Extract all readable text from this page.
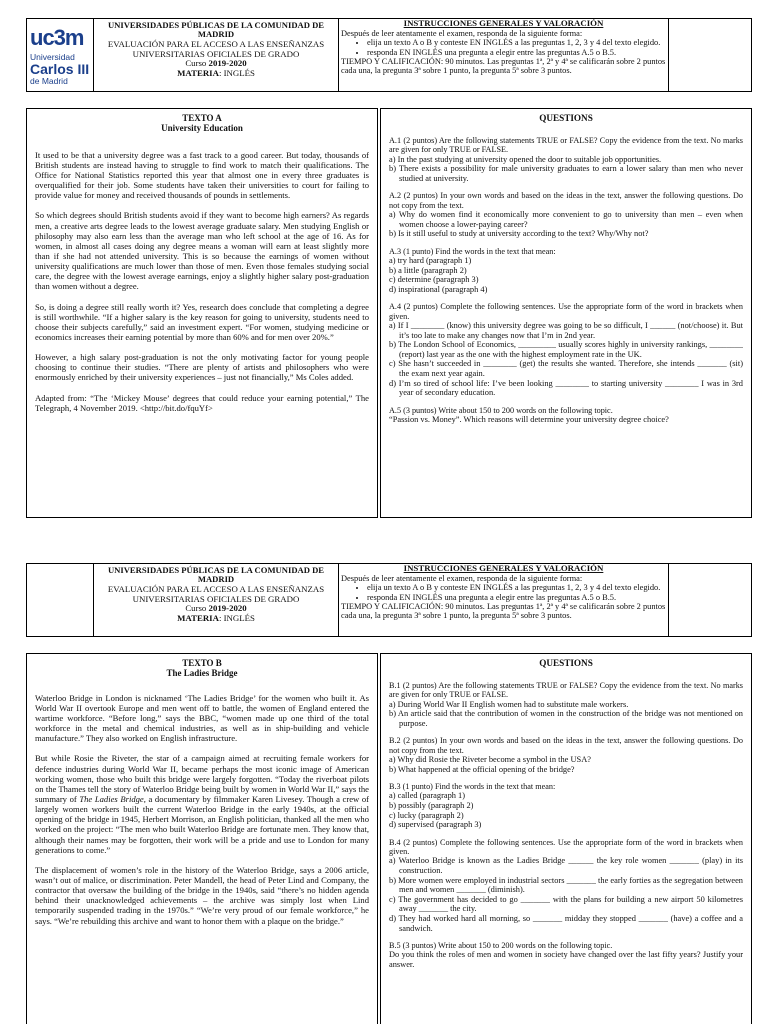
uc3m
Universidad
Carlos III
de Madrid
UNIVERSIDADES PÚBLICAS DE LA COMUNIDAD DE MADRID
EVALUACIÓN PARA EL ACCESO A LAS ENSEÑANZAS UNIVERSITARIAS OFICIALES DE GRADO
Curso 2019-2020
MATERIA: INGLÉS
INSTRUCCIONES GENERALES Y VALORACIÓN
Después de leer atentamente el examen, responda de la siguiente forma:
• elija un texto A o B y conteste EN INGLÉS a las preguntas 1, 2, 3 y 4 del texto elegido.
• responda EN INGLÉS una pregunta a elegir entre las preguntas A.5 o B.5.
TIEMPO Y CALIFICACIÓN: 90 minutos. Las preguntas 1ª, 2ª y 4ª se calificarán sobre 2 puntos cada una, la pregunta 3ª sobre 1 punto, la pregunta 5ª sobre 3 puntos.
TEXTO A
University Education

It used to be that a university degree was a fast track to a good career. But today, thousands of British students are instead having to struggle to find work to match their qualifications. The Office for National Statistics reported this year that almost one in every three graduates is overqualified for their job. Some students have taken their universities to court for failing to provide value for money and received thousands of pounds in settlements.

So which degrees should British students avoid if they want to become high earners? As regards men, a creative arts degree leads to the lowest average graduate salary. Men studying English or philosophy may also earn less than the average man who left school at the age of 16. As for women, in almost all cases doing any degree means a woman will earn at least slightly more than if she had not attended university. This is so because the earnings of women without university qualifications are much lower than those of men. Even those females studying social care, the degree with the lowest average earnings, enjoy a slightly higher salary post-graduation than women without a degree.

So, is doing a degree still really worth it? Yes, research does conclude that completing a degree is still worthwhile. “If a higher salary is the key reason for going to university, students need to choose their subjects carefully,” said an investment expert. “For women, studying medicine or economics increases their earning potential by more than 60% and for men over 20%.”

However, a high salary post-graduation is not the only motivating factor for young people choosing to continue their studies. “There are plenty of artists and philosophers who were enormously enriched by their university experiences – just not financially,” Ms Coles added.

Adapted from: “The ‘Mickey Mouse’ degrees that could reduce your earning potential,” The Telegraph, 4 November 2019. <http://bit.do/fquYf>

QUESTIONS
A.1 (2 puntos) Are the following statements TRUE or FALSE? Copy the evidence from the text. No marks are given for only TRUE or FALSE.
a) In the past studying at university opened the door to suitable job opportunities.
b) There exists a possibility for male university graduates to earn a lower salary than men who never studied at university.
A.2 (2 puntos) In your own words and based on the ideas in the text, answer the following questions. Do not copy from the text.
a) Why do women find it economically more convenient to go to university than men – even when women choose a lower-paying career?
b) Is it still useful to study at university according to the text? Why/Why not?
A.3 (1 punto) Find the words in the text that mean:
a) try hard (paragraph 1)
b) a little (paragraph 2)
c) determine (paragraph 3)
d) inspirational (paragraph 4)
A.4 (2 puntos) Complete the following sentences. Use the appropriate form of the word in brackets when given.
a) If I ________ (know) this university degree was going to be so difficult, I ______ (not/choose) it. But it’s too late to make any changes now that I’m in 2nd year.
b) The London School of Economics, _________ usually scores highly in university rankings, ________ (report) last year as the one with the highest employment rate in the UK.
c) She hasn’t succeeded in ________ (get) the results she wanted. Therefore, she intends _______ (sit) the exam next year again.
d) I’m so tired of school life: I’ve been looking ________ to starting university ________ I was in 3rd year of secondary education.
A.5 (3 puntos) Write about 150 to 200 words on the following topic.
“Passion vs. Money”. Which reasons will determine your university degree choice?
UNIVERSIDADES PÚBLICAS DE LA COMUNIDAD DE MADRID
EVALUACIÓN PARA EL ACCESO A LAS ENSEÑANZAS UNIVERSITARIAS OFICIALES DE GRADO
Curso 2019-2020
MATERIA: INGLÉS
INSTRUCCIONES GENERALES Y VALORACIÓN
Después de leer atentamente el examen, responda de la siguiente forma:
• elija un texto A o B y conteste EN INGLÉS a las preguntas 1, 2, 3 y 4 del texto elegido.
• responda EN INGLÉS una pregunta a elegir entre las preguntas A.5 o B.5.
TIEMPO Y CALIFICACIÓN: 90 minutos. Las preguntas 1ª, 2ª y 4ª se calificarán sobre 2 puntos cada una, la pregunta 3ª sobre 1 punto, la pregunta 5ª sobre 3 puntos.
TEXTO B
The Ladies Bridge

Waterloo Bridge in London is nicknamed ‘The Ladies Bridge’ for the women who built it. As World War II overtook Europe and men went off to battle, the women of England entered the wartime workforce. “Before long,” says the BBC, “women made up one third of the total workforce in the metal and chemical industries, as well as in ship-building and vehicle manufacture.” They also worked on English infrastructure.

But while Rosie the Riveter, the star of a campaign aimed at recruiting female workers for defence industries during World War II, became perhaps the most iconic image of American working women, those who built this bridge were largely forgotten. “Today the riverboat pilots on the Thames tell the story of Waterloo Bridge being built by women in World War II,” says the summary of The Ladies Bridge, a documentary by filmmaker Karen Livesey. Though a crew of largely women workers built the current Waterloo Bridge in the early 1940s, at the official opening of the bridge in 1945, Herbert Morrison, an English politician, thanked all the men who worked on the project: “The men who built Waterloo Bridge are fortunate men. They know that, although their names may be forgotten, their work will be a pride and use to London for many generations to come.”

The displacement of women’s role in the history of the Waterloo Bridge, says a 2006 article, wasn’t out of malice, or discrimination. Peter Mandell, the head of Peter Lind and Company, the contractor that oversaw the building of the bridge in the 1940s, said “there’s no hidden agenda behind their unacknowledged achievements – the archive was simply lost when Lind temporarily suspended trading in the 1970s.” “We’re very proud of our female workforce,” he says. “We’re rebuilding this archive and want to honor them with a plaque on the bridge.”

QUESTIONS
B.1 (2 puntos) Are the following statements TRUE or FALSE? Copy the evidence from the text. No marks are given for only TRUE or FALSE.
a) During World War II English women had to substitute male workers.
b) An article said that the contribution of women in the construction of the bridge was not mentioned on purpose.
B.2 (2 puntos) In your own words and based on the ideas in the text, answer the following questions. Do not copy from the text.
a) Why did Rosie the Riveter become a symbol in the USA?
b) What happened at the official opening of the bridge?
B.3 (1 punto) Find the words in the text that mean:
a) called (paragraph 1)
b) possibly (paragraph 2)
c) lucky (paragraph 2)
d) supervised (paragraph 3)
B.4 (2 puntos) Complete the following sentences. Use the appropriate form of the word in brackets when given.
a) Waterloo Bridge is known as the Ladies Bridge ______ the key role women _______ (play) in its construction.
b) More women were employed in industrial sectors _______ the early forties as the segregation between men and women _______ (diminish).
c) The government has decided to go _______ with the plans for building a new airport 50 kilometres away _______ the city.
d) They had worked hard all morning, so _______ midday they stopped _______ (have) a coffee and a sandwich.
B.5 (3 puntos) Write about 150 to 200 words on the following topic.
Do you think the roles of men and women in society have changed over the last fifty years? Justify your answer.
